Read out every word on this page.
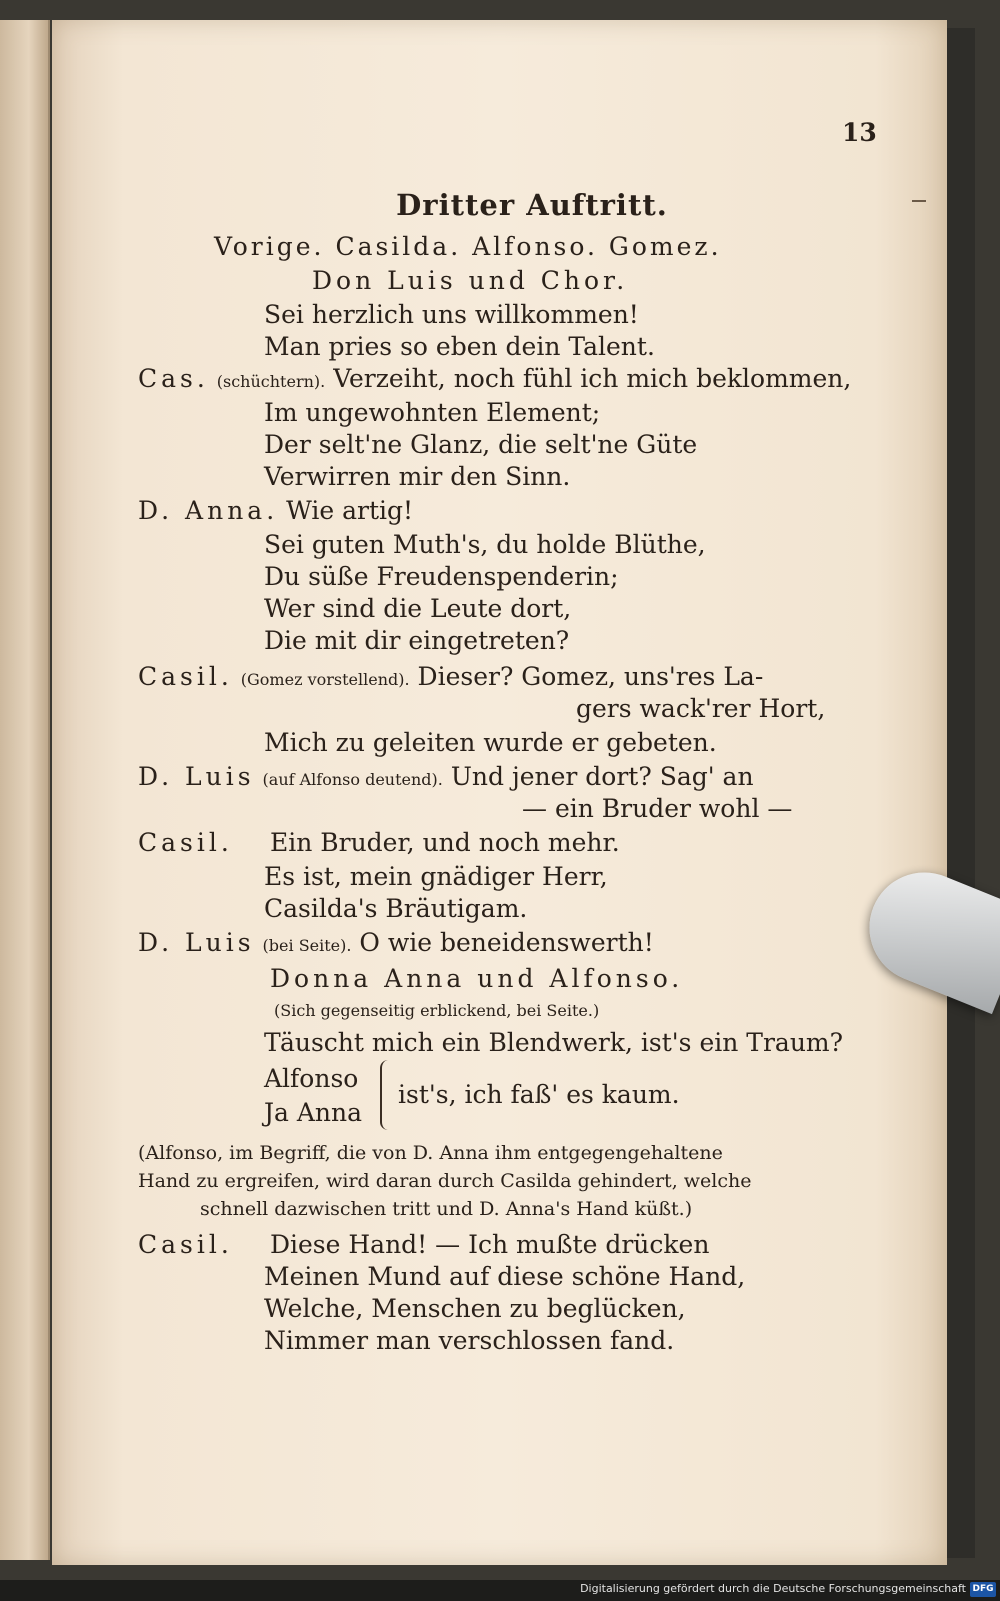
13
Dritter Auftritt.
Vorige. Casilda. Alfonso. Gomez.
Don Luis und Chor.
Sei herzlich uns willkommen!
Man pries so eben dein Talent.
Cas. (schüchtern). Verzeiht, noch fühl ich mich beklommen,
Im ungewohnten Element;
Der selt'ne Glanz, die selt'ne Güte
Verwirren mir den Sinn.
D. Anna. Wie artig!
Sei guten Muth's, du holde Blüthe,
Du süße Freudenspenderin;
Wer sind die Leute dort,
Die mit dir eingetreten?
Casil. (Gomez vorstellend). Dieser? Gomez, uns'res La-
gers wack'rer Hort,
Mich zu geleiten wurde er gebeten.
D. Luis (auf Alfonso deutend). Und jener dort? Sag' an
— ein Bruder wohl —
Casil. Ein Bruder, und noch mehr.
Es ist, mein gnädiger Herr,
Casilda's Bräutigam.
D. Luis (bei Seite). O wie beneidenswerth!
Donna Anna und Alfonso.
(Sich gegenseitig erblickend, bei Seite.)
Täuscht mich ein Blendwerk, ist's ein Traum?
Alfonso
ist's, ich faß' es kaum.
Ja Anna
(Alfonso, im Begriff, die von D. Anna ihm entgegengehaltene
Hand zu ergreifen, wird daran durch Casilda gehindert, welche
schnell dazwischen tritt und D. Anna's Hand küßt.)
Casil. Diese Hand! — Ich mußte drücken
Meinen Mund auf diese schöne Hand,
Welche, Menschen zu beglücken,
Nimmer man verschlossen fand.
Digitalisierung gefördert durch die Deutsche Forschungsgemeinschaft DFG
